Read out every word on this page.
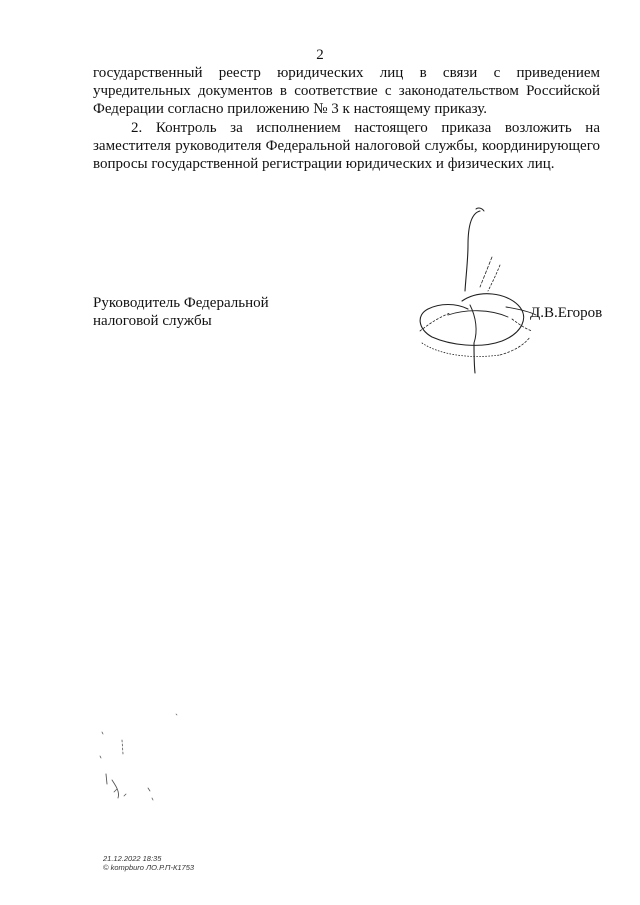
2

государственный реестр юридических лиц в связи с приведением учредительных документов в соответствие с законодательством Российской Федерации согласно приложению № 3 к настоящему приказу.

2. Контроль за исполнением настоящего приказа возложить на заместителя руководителя Федеральной налоговой службы, координирующего вопросы государственной регистрации юридических и физических лиц.

Руководитель Федеральной
налоговой службы	Д.В.Егоров
21.12.2022 18:35
© kompburo ЛО.Р.П-К1753
